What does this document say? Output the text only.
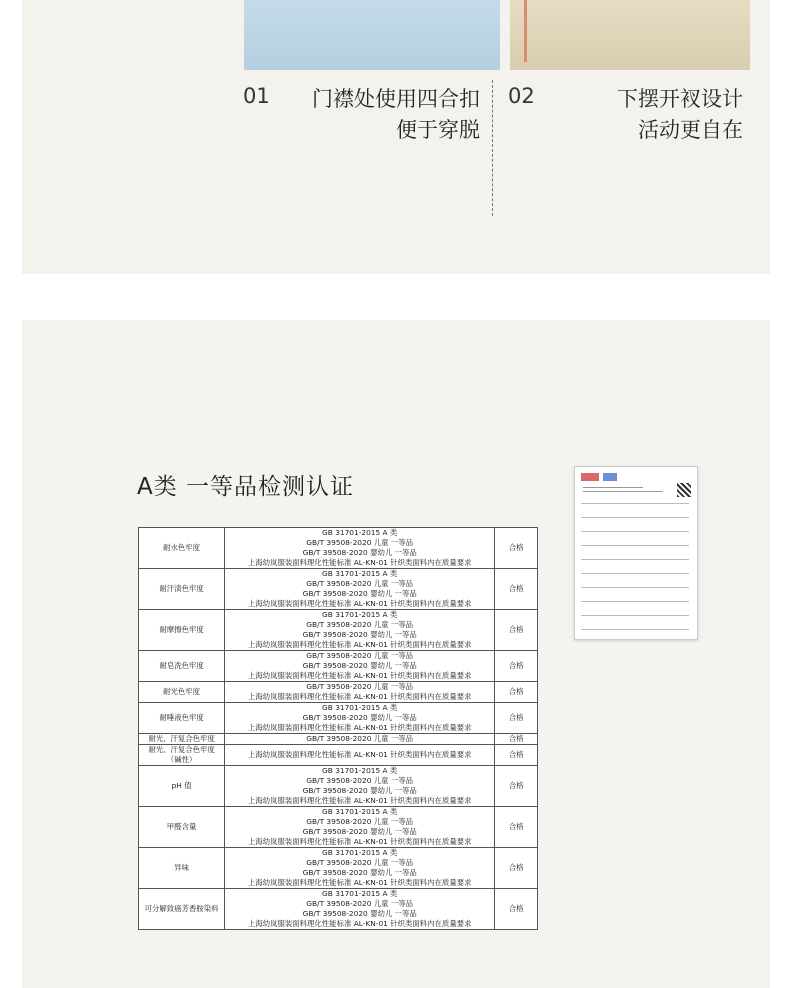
01	门襟处使用四合扣
便于穿脱
02	下摆开衩设计
活动更自在
A类 一等品检测认证
耐水色牢度	GB 31701-2015 A 类
GB/T 39508-2020 儿童 一等品
GB/T 39508-2020 婴幼儿 一等品
上海幼岚服装面料理化性能标准 AL-KN-01 针织类面料内在质量要求	合格
耐汗渍色牢度	GB 31701-2015 A 类
GB/T 39508-2020 儿童 一等品
GB/T 39508-2020 婴幼儿 一等品
上海幼岚服装面料理化性能标准 AL-KN-01 针织类面料内在质量要求	合格
耐摩擦色牢度	GB 31701-2015 A 类
GB/T 39508-2020 儿童 一等品
GB/T 39508-2020 婴幼儿 一等品
上海幼岚服装面料理化性能标准 AL-KN-01 针织类面料内在质量要求	合格
耐皂洗色牢度	GB/T 39508-2020 儿童 一等品
GB/T 39508-2020 婴幼儿 一等品
上海幼岚服装面料理化性能标准 AL-KN-01 针织类面料内在质量要求	合格
耐光色牢度	GB/T 39508-2020 儿童 一等品
上海幼岚服装面料理化性能标准 AL-KN-01 针织类面料内在质量要求	合格
耐唾液色牢度	GB 31701-2015 A 类
GB/T 39508-2020 婴幼儿 一等品
上海幼岚服装面料理化性能标准 AL-KN-01 针织类面料内在质量要求	合格
耐光、汗复合色牢度	GB/T 39508-2020 儿童 一等品	合格
耐光、汗复合色牢度（碱性）	上海幼岚服装面料理化性能标准 AL-KN-01 针织类面料内在质量要求	合格
pH 值	GB 31701-2015 A 类
GB/T 39508-2020 儿童 一等品
GB/T 39508-2020 婴幼儿 一等品
上海幼岚服装面料理化性能标准 AL-KN-01 针织类面料内在质量要求	合格
甲醛含量	GB 31701-2015 A 类
GB/T 39508-2020 儿童 一等品
GB/T 39508-2020 婴幼儿 一等品
上海幼岚服装面料理化性能标准 AL-KN-01 针织类面料内在质量要求	合格
异味	GB 31701-2015 A 类
GB/T 39508-2020 儿童 一等品
GB/T 39508-2020 婴幼儿 一等品
上海幼岚服装面料理化性能标准 AL-KN-01 针织类面料内在质量要求	合格
可分解致癌芳香胺染料	GB 31701-2015 A 类
GB/T 39508-2020 儿童 一等品
GB/T 39508-2020 婴幼儿 一等品
上海幼岚服装面料理化性能标准 AL-KN-01 针织类面料内在质量要求	合格
